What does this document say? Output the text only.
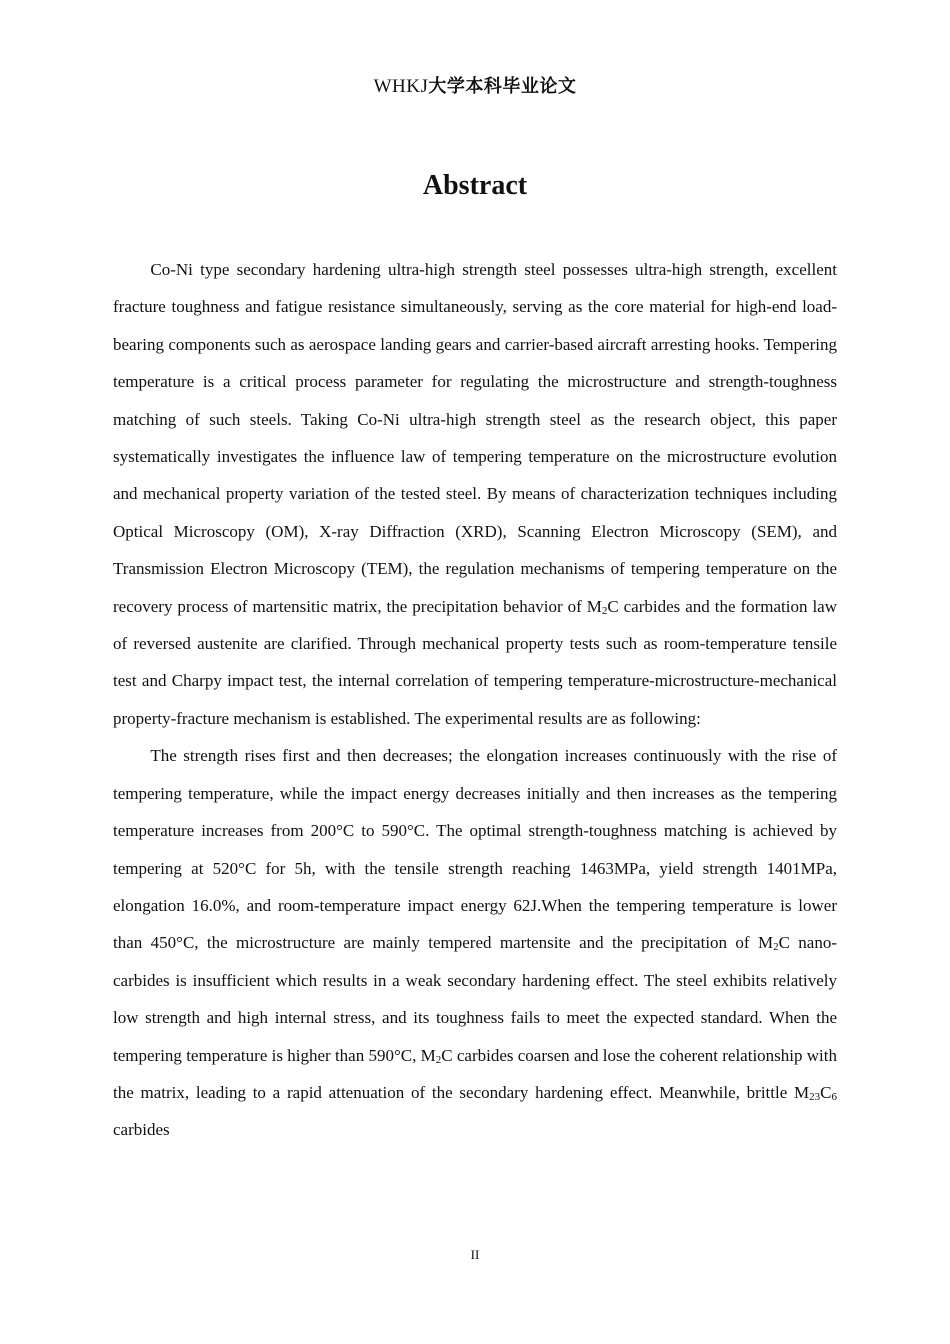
WHKJ大学本科毕业论文
Abstract

Co-Ni type secondary hardening ultra-high strength steel possesses ultra-high strength, excellent fracture toughness and fatigue resistance simultaneously, serving as the core material for high-end load-bearing components such as aerospace landing gears and carrier-based aircraft arresting hooks. Tempering temperature is a critical process parameter for regulating the microstructure and strength-toughness matching of such steels. Taking Co-Ni ultra-high strength steel as the research object, this paper systematically investigates the influence law of tempering temperature on the microstructure evolution and mechanical property variation of the tested steel. By means of characterization techniques including Optical Microscopy (OM), X-ray Diffraction (XRD), Scanning Electron Microscopy (SEM), and Transmission Electron Microscopy (TEM), the regulation mechanisms of tempering temperature on the recovery process of martensitic matrix, the precipitation behavior of $M_2C$ carbides and the formation law of reversed austenite are clarified. Through mechanical property tests such as room-temperature tensile test and Charpy impact test, the internal correlation of tempering temperature-microstructure-mechanical property-fracture mechanism is established. The experimental results are as following:

The strength rises first and then decreases; the elongation increases continuously with the rise of tempering temperature, while the impact energy decreases initially and then increases as the tempering temperature increases from 200°C to 590°C. The optimal strength-toughness matching is achieved by tempering at 520°C for 5h, with the tensile strength reaching 1463MPa, yield strength 1401MPa, elongation 16.0%, and room-temperature impact energy 62J.When the tempering temperature is lower than 450°C, the microstructure are mainly tempered martensite and the precipitation of $M_2C$ nano-carbides is insufficient which results in a weak secondary hardening effect. The steel exhibits relatively low strength and high internal stress, and its toughness fails to meet the expected standard. When the tempering temperature is higher than 590°C, $M_2C$ carbides coarsen and lose the coherent relationship with the matrix, leading to a rapid attenuation of the secondary hardening effect. Meanwhile, brittle $M_{23}C_6$ carbides

II
